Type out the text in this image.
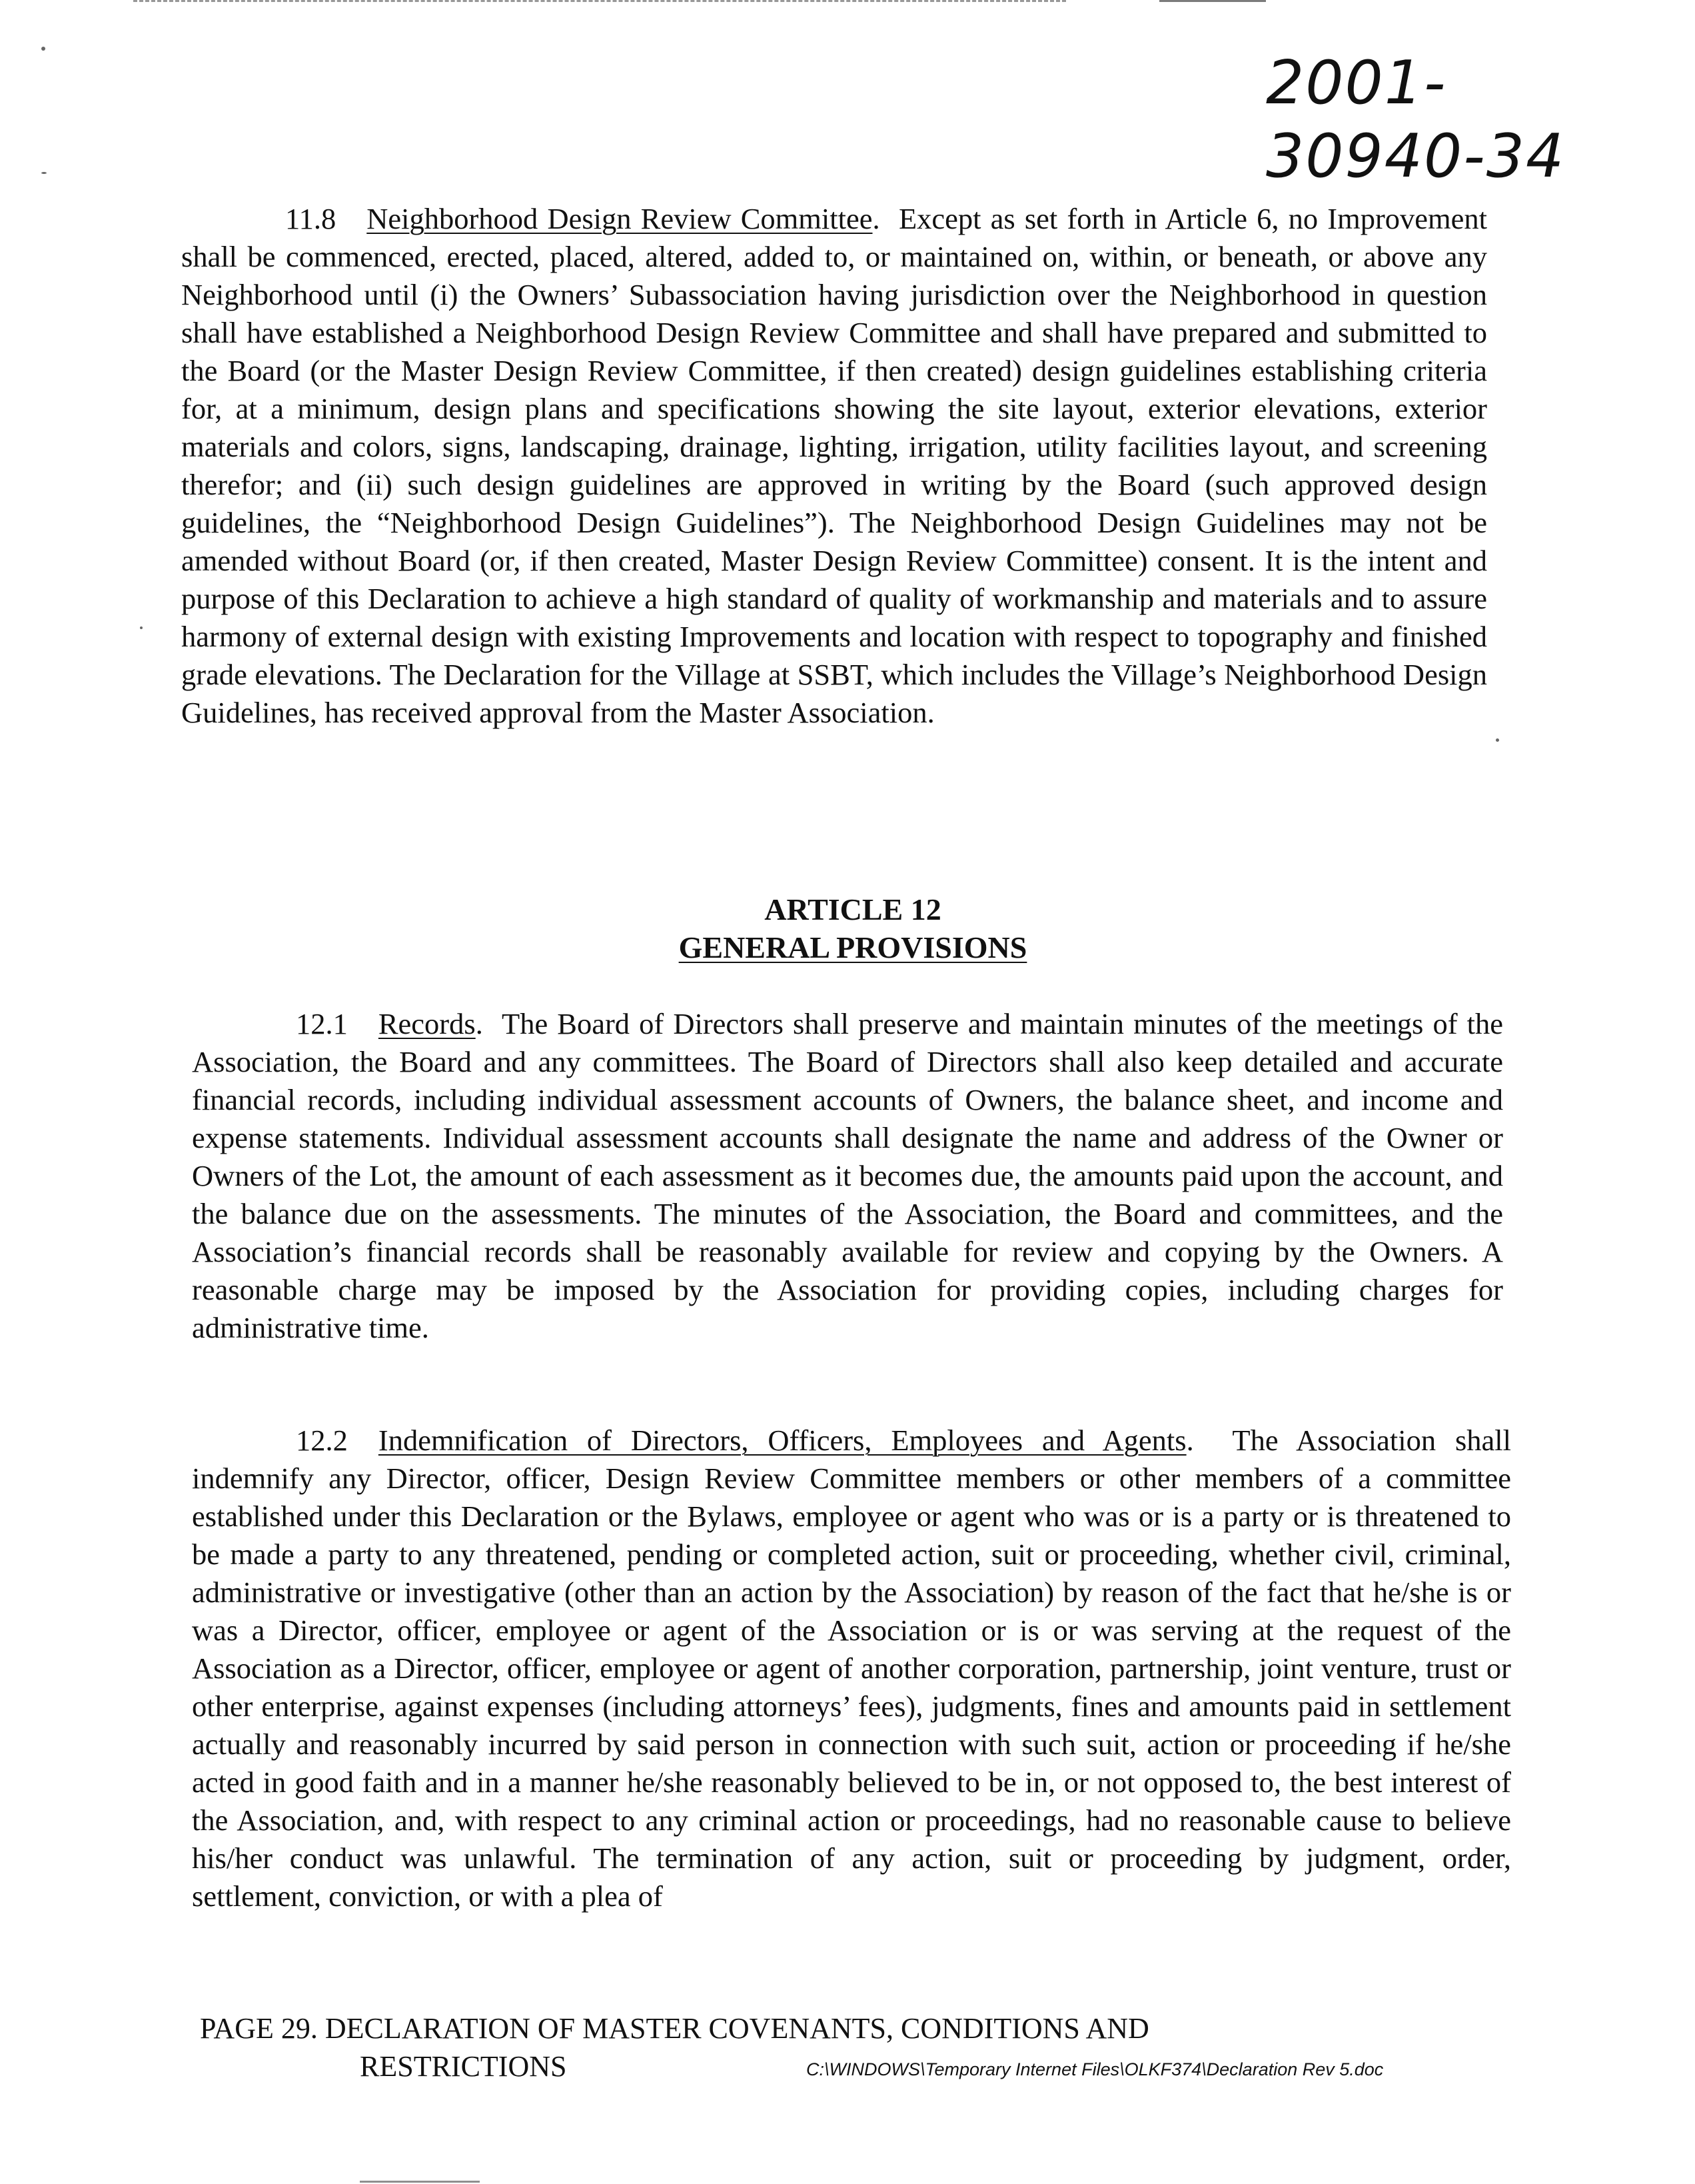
2001-30940-34

11.8 Neighborhood Design Review Committee.  Except as set forth in Article 6, no Improvement shall be commenced, erected, placed, altered, added to, or maintained on, within, or beneath, or above any Neighborhood until (i) the Owners’ Subassociation having jurisdiction over the Neighborhood in question shall have established a Neighborhood Design Review Committee and shall have prepared and submitted to the Board (or the Master Design Review Committee, if then created) design guidelines establishing criteria for, at a minimum, design plans and specifications showing the site layout, exterior elevations, exterior materials and colors, signs, landscaping, drainage, lighting, irrigation, utility facilities layout, and screening therefor; and (ii) such design guidelines are approved in writing by the Board (such approved design guidelines, the “Neighborhood Design Guidelines”). The Neighborhood Design Guidelines may not be amended without Board (or, if then created, Master Design Review Committee) consent. It is the intent and purpose of this Declaration to achieve a high standard of quality of workmanship and materials and to assure harmony of external design with existing Improvements and location with respect to topography and finished grade elevations. The Declaration for the Village at SSBT, which includes the Village’s Neighborhood Design Guidelines, has received approval from the Master Association.

ARTICLE 12
GENERAL PROVISIONS

12.1 Records.  The Board of Directors shall preserve and maintain minutes of the meetings of the Association, the Board and any committees. The Board of Directors shall also keep detailed and accurate financial records, including individual assessment accounts of Owners, the balance sheet, and income and expense statements. Individual assessment accounts shall designate the name and address of the Owner or Owners of the Lot, the amount of each assessment as it becomes due, the amounts paid upon the account, and the balance due on the assessments. The minutes of the Association, the Board and committees, and the Association’s financial records shall be reasonably available for review and copying by the Owners. A reasonable charge may be imposed by the Association for providing copies, including charges for administrative time.

12.2 Indemnification of Directors, Officers, Employees and Agents.  The Association shall indemnify any Director, officer, Design Review Committee members or other members of a committee established under this Declaration or the Bylaws, employee or agent who was or is a party or is threatened to be made a party to any threatened, pending or completed action, suit or proceeding, whether civil, criminal, administrative or investigative (other than an action by the Association) by reason of the fact that he/she is or was a Director, officer, employee or agent of the Association or is or was serving at the request of the Association as a Director, officer, employee or agent of another corporation, partnership, joint venture, trust or other enterprise, against expenses (including attorneys’ fees), judgments, fines and amounts paid in settlement actually and reasonably incurred by said person in connection with such suit, action or proceeding if he/she acted in good faith and in a manner he/she reasonably believed to be in, or not opposed to, the best interest of the Association, and, with respect to any criminal action or proceedings, had no reasonable cause to believe his/her conduct was unlawful. The termination of any action, suit or proceeding by judgment, order, settlement, conviction, or with a plea of

PAGE 29. DECLARATION OF MASTER COVENANTS, CONDITIONS AND
RESTRICTIONS	C:\WINDOWS\Temporary Internet Files\OLKF374\Declaration Rev 5.doc
